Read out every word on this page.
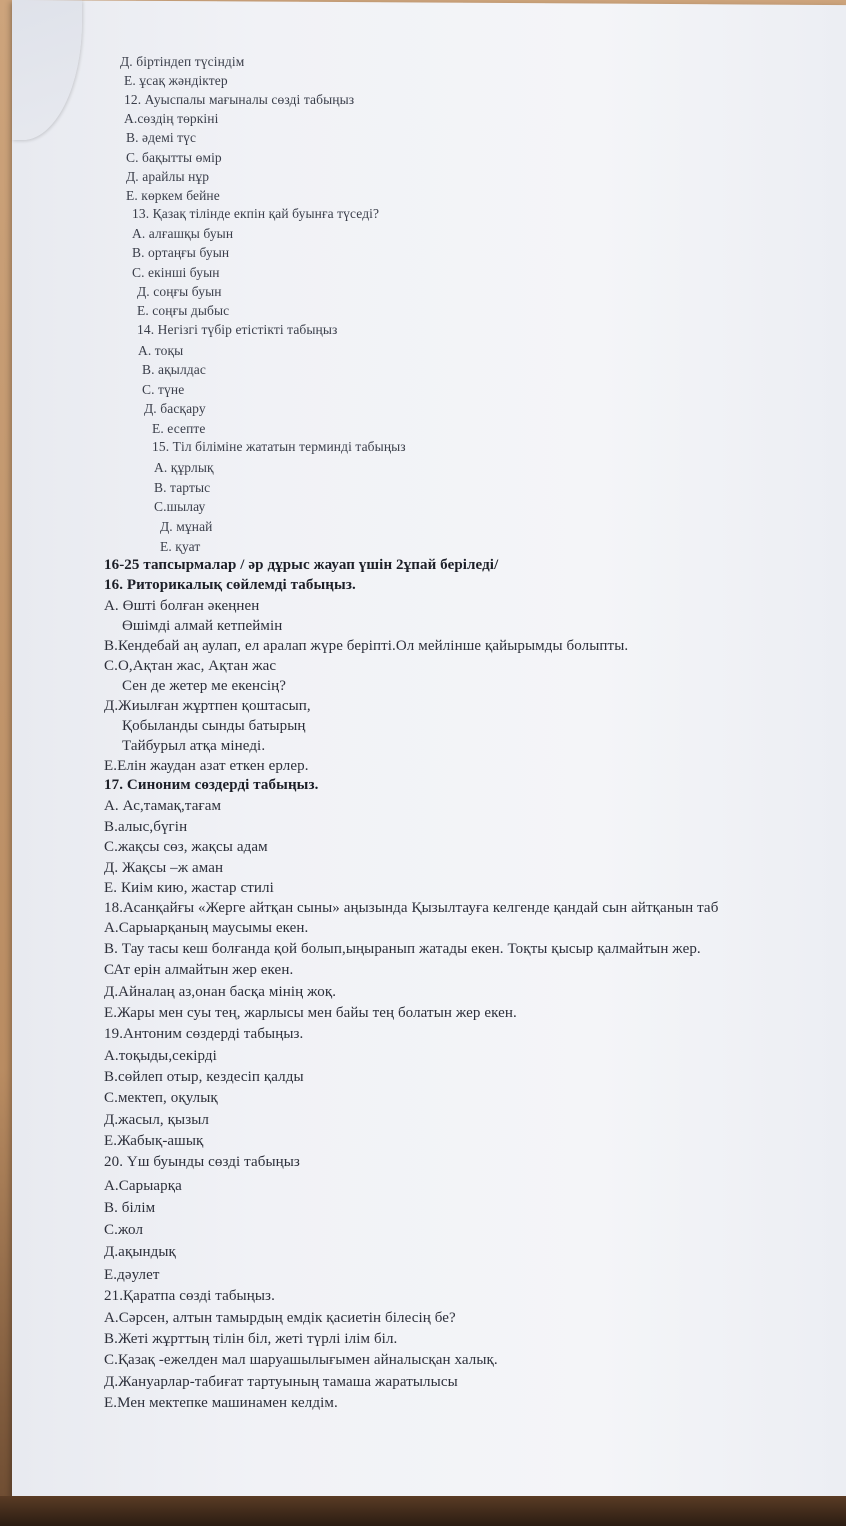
Д. біртіндеп түсіндім
Е. ұсақ жәндіктер
12. Ауыспалы мағыналы сөзді табыңыз
А.сөздің төркіні
В. әдемі түс
С. бақытты өмір
Д. арайлы нұр
Е. көркем бейне
13. Қазақ тілінде екпін қай буынға түседі?
А. алғашқы буын
В. ортаңғы буын
С. екінші буын
Д. соңғы буын
Е. соңғы дыбыс
14. Негізгі түбір етістікті табыңыз
А. тоқы
В. ақылдас
С. түне
Д. басқару
Е. есепте
15. Тіл біліміне жататын терминді табыңыз
А. құрлық
В. тартыс
С.шылау
Д. мұнай
Е. қуат
16-25 тапсырмалар / әр дұрыс жауап үшін 2ұпай беріледі/
16. Риторикалық сөйлемді табыңыз.
А. Өшті болған әкеңнен
Өшімді алмай кетпеймін
В.Кендебай аң аулап, ел аралап жүре беріпті.Ол мейлінше қайырымды болыпты.
С.О,Ақтан жас, Ақтан жас
Сен де жетер ме екенсің?
Д.Жиылған жұртпен қоштасып,
Қобыланды сынды батырың
Тайбурыл атқа мінеді.
Е.Елін жаудан азат еткен ерлер.
17. Синоним сөздерді табыңыз.
А. Ас,тамақ,тағам
В.алыс,бүгін
С.жақсы сөз, жақсы адам
Д. Жақсы –ж аман
Е. Киім кию, жастар стилі
18.Асанқайғы «Жерге айтқан сыны» аңызында Қызылтауға келгенде қандай сын айтқанын таб
А.Сарыарқаның маусымы екен.
В. Тау тасы кеш болғанда қой болып,ыңыранып жатады екен. Тоқты қысыр қалмайтын жер.
САт ерін алмайтын жер екен.
Д.Айналаң аз,онан басқа мінің жоқ.
Е.Жары мен суы тең, жарлысы мен байы тең болатын жер екен.
19.Антоним сөздерді табыңыз.
А.тоқыды,секірді
В.сөйлеп отыр, кездесіп қалды
С.мектеп, оқулық
Д.жасыл, қызыл
Е.Жабық-ашық
20. Үш буынды сөзді табыңыз
А.Сарыарқа
В. білім
С.жол
Д.ақындық
Е.дәулет
21.Қаратпа сөзді табыңыз.
А.Сәрсен, алтын тамырдың емдік қасиетін білесің бе?
В.Жеті жұрттың тілін біл, жеті түрлі ілім біл.
С.Қазақ -ежелден мал шаруашылығымен айналысқан халық.
Д.Жануарлар-табиғат тартуының тамаша жаратылысы
Е.Мен мектепке машинамен келдім.
